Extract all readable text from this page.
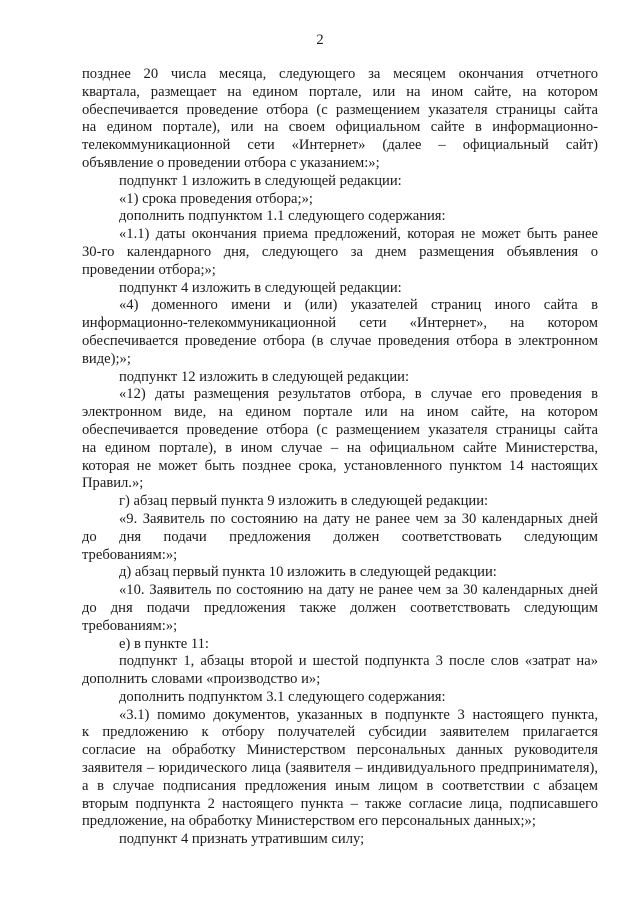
2
позднее 20 числа месяца, следующего за месяцем окончания отчетного
квартала, размещает на едином портале, или на ином сайте, на котором
обеспечивается проведение отбора (с размещением указателя страницы сайта
на едином портале), или на своем официальном сайте в информационно-
телекоммуникационной сети «Интернет» (далее – официальный сайт)
объявление о проведении отбора с указанием:»;
подпункт 1 изложить в следующей редакции:
«1) срока проведения отбора;»;
дополнить подпунктом 1.1 следующего содержания:
«1.1) даты окончания приема предложений, которая не может быть ранее
30-го календарного дня, следующего за днем размещения объявления о
проведении отбора;»;
подпункт 4 изложить в следующей редакции:
«4) доменного имени и (или) указателей страниц иного сайта в
информационно-телекоммуникационной сети «Интернет», на котором
обеспечивается проведение отбора (в случае проведения отбора в электронном
виде);»;
подпункт 12 изложить в следующей редакции:
«12) даты размещения результатов отбора, в случае его проведения в
электронном виде, на едином портале или на ином сайте, на котором
обеспечивается проведение отбора (с размещением указателя страницы сайта
на едином портале), в ином случае – на официальном сайте Министерства,
которая не может быть позднее срока, установленного пунктом 14 настоящих
Правил.»;
г) абзац первый пункта 9 изложить в следующей редакции:
«9. Заявитель по состоянию на дату не ранее чем за 30 календарных дней
до дня подачи предложения должен соответствовать следующим
требованиям:»;
д) абзац первый пункта 10 изложить в следующей редакции:
«10. Заявитель по состоянию на дату не ранее чем за 30 календарных дней
до дня подачи предложения также должен соответствовать следующим
требованиям:»;
е) в пункте 11:
подпункт 1, абзацы второй и шестой подпункта 3 после слов «затрат на»
дополнить словами «производство и»;
дополнить подпунктом 3.1 следующего содержания:
«3.1) помимо документов, указанных в подпункте 3 настоящего пункта,
к предложению к отбору получателей субсидии заявителем прилагается
согласие на обработку Министерством персональных данных руководителя
заявителя – юридического лица (заявителя – индивидуального предпринимателя),
а в случае подписания предложения иным лицом в соответствии с абзацем
вторым подпункта 2 настоящего пункта – также согласие лица, подписавшего
предложение, на обработку Министерством его персональных данных;»;
подпункт 4 признать утратившим силу;
